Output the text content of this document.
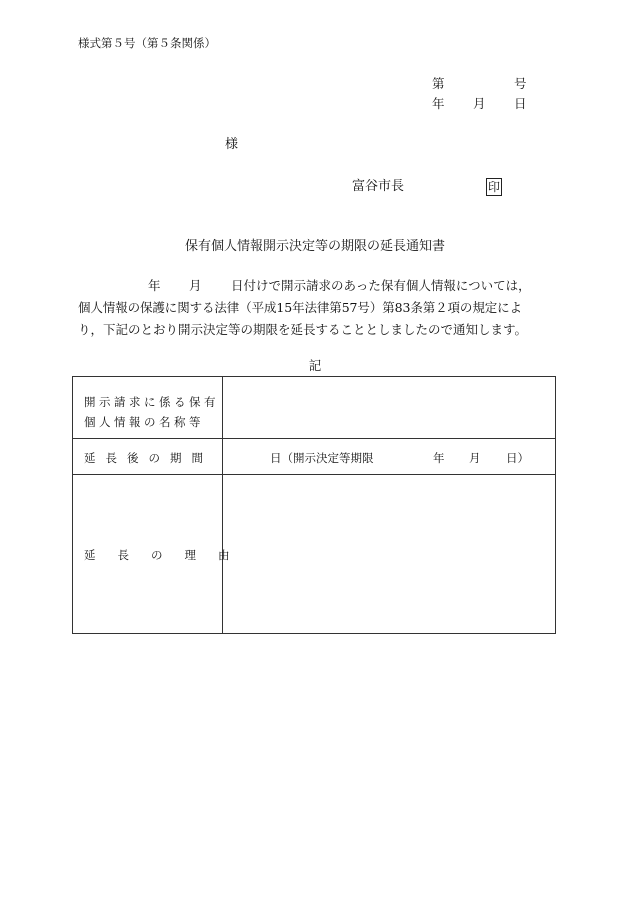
様式第５号（第５条関係）
第	号
年 月 日
様
富谷市長	印
保有個人情報開示決定等の期限の延長通知書
年 月 日付けで開示請求のあった保有個人情報については，
個人情報の保護に関する法律（平成15年法律第57号）第83条第２項の規定によ
り，下記のとおり開示決定等の期限を延長することとしましたので通知します。
記
開示請求に係る保有
個人情報の名称等
延長後の期間	日（開示決定等期限	年 月 日）
延長の理由
